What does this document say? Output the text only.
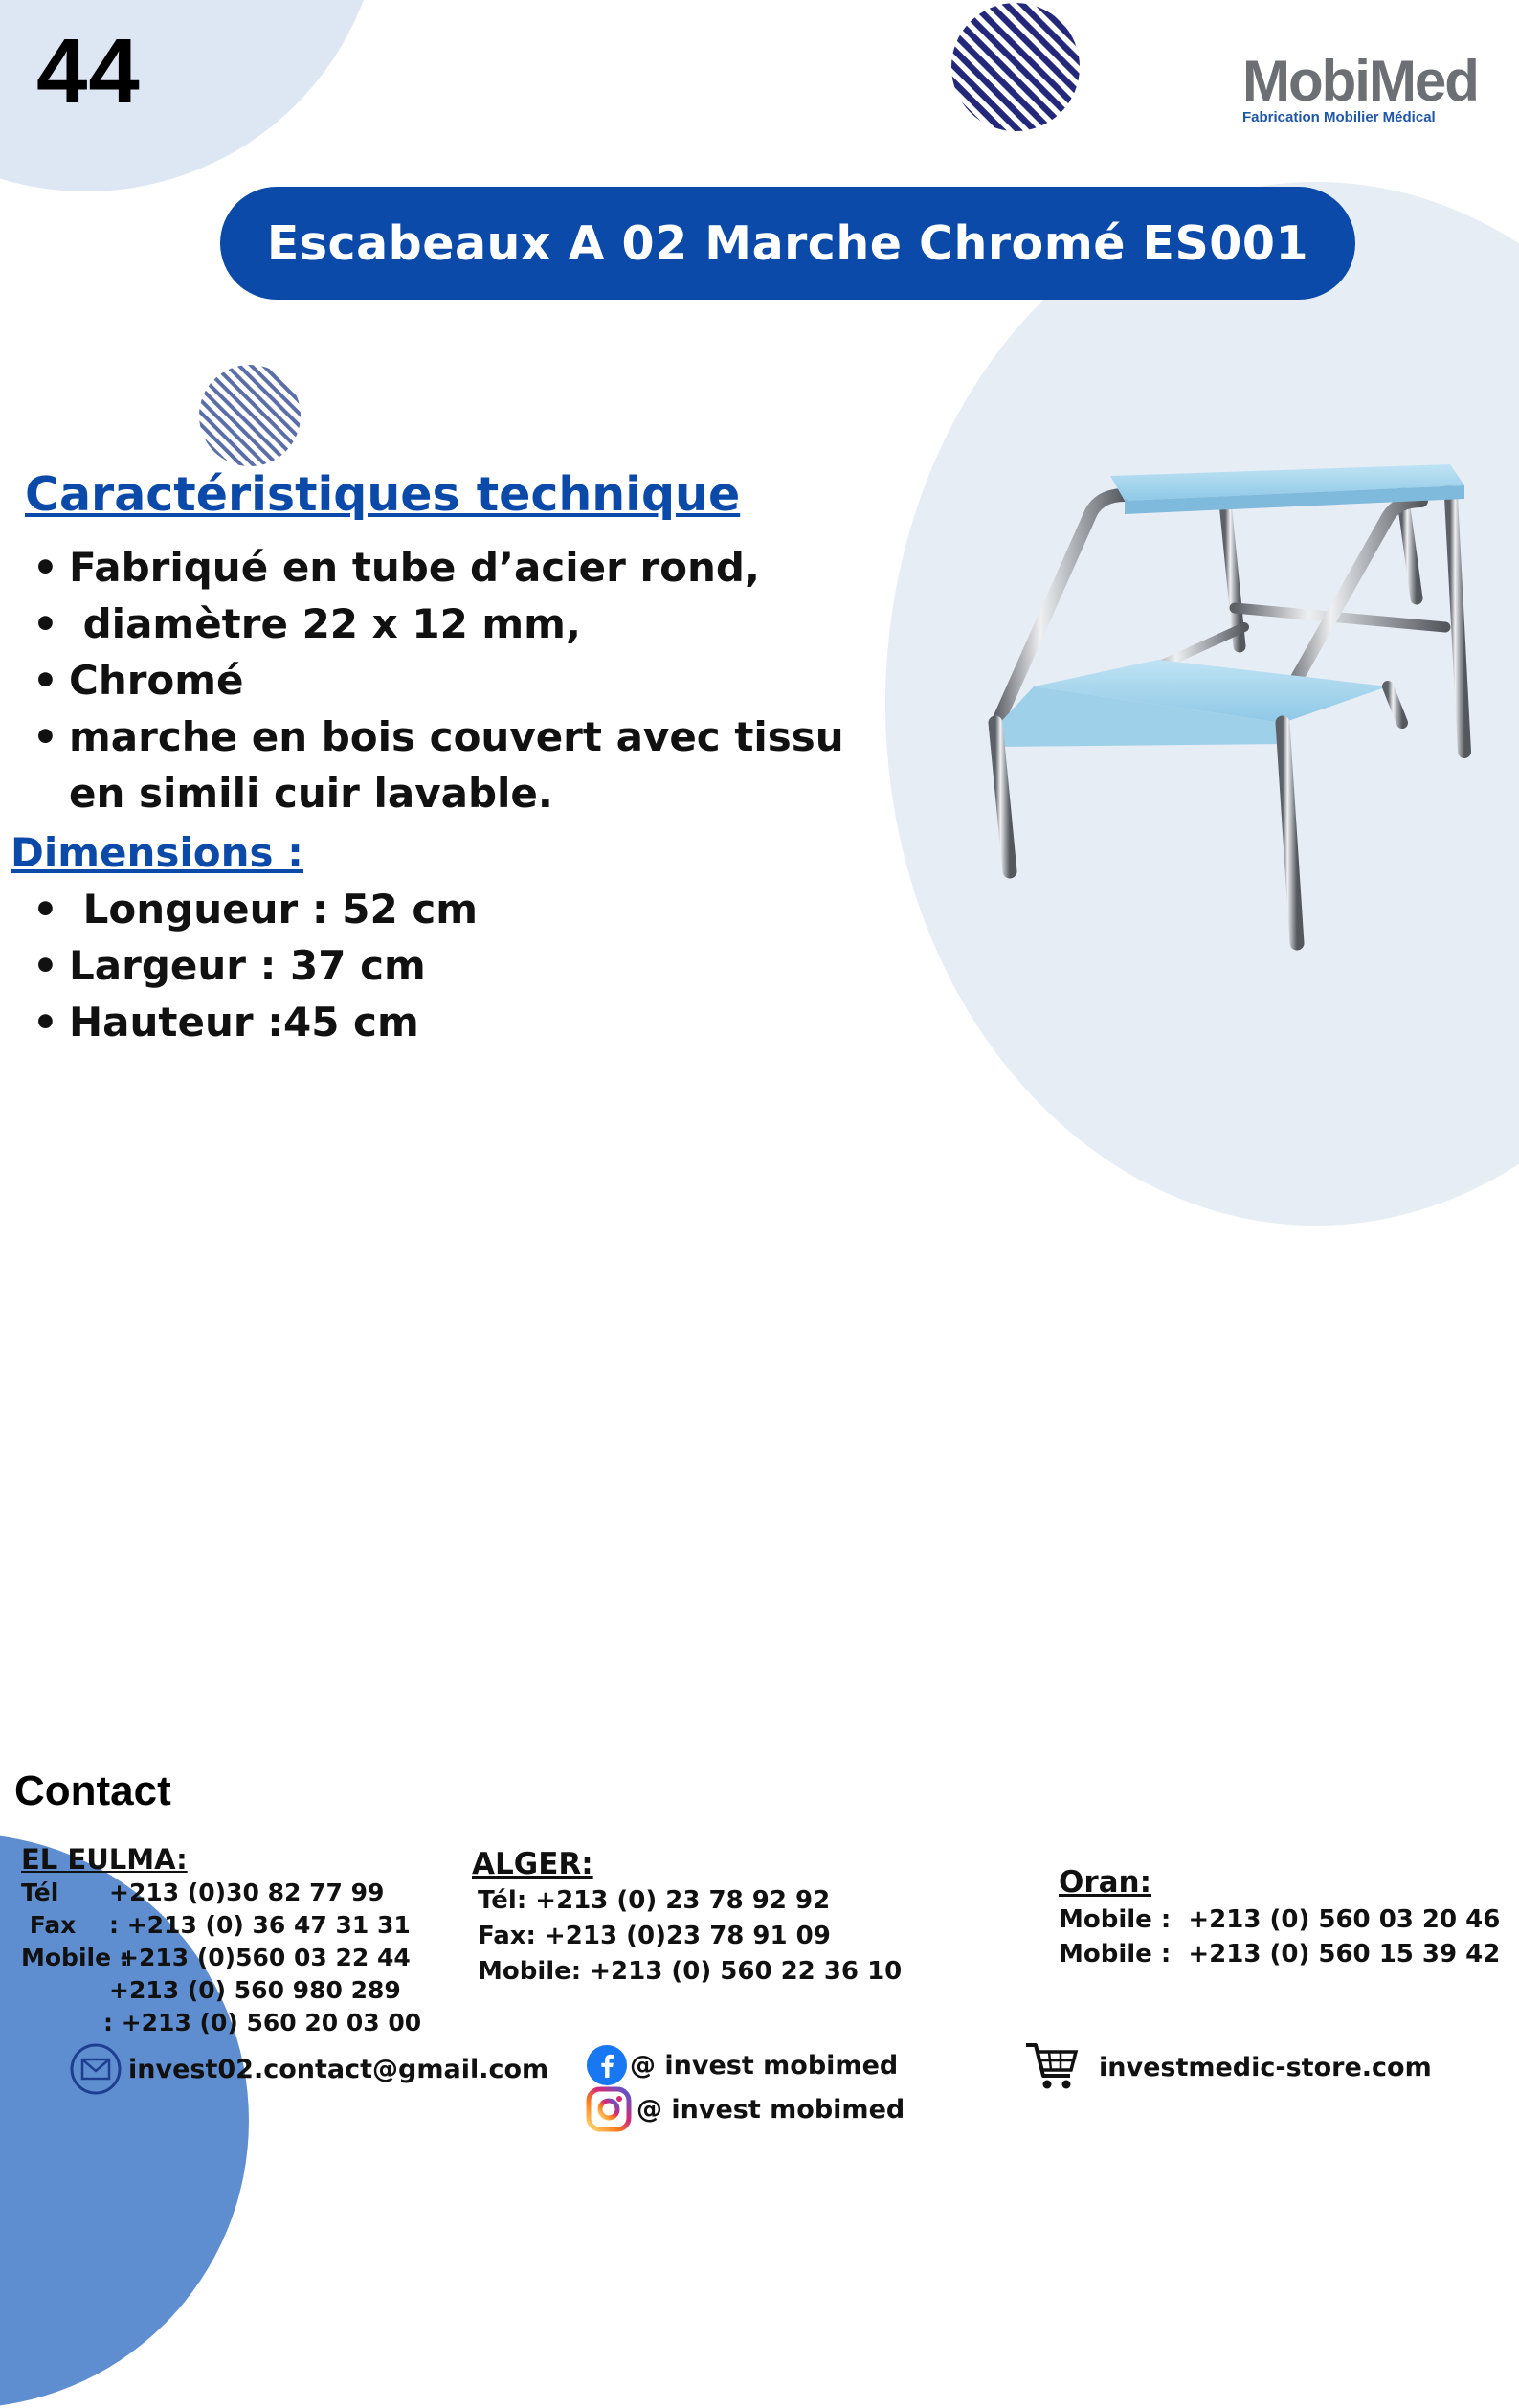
44	MobiMed
Fabrication Mobilier Médical
Escabeaux A 02 Marche Chromé ES001
Caractéristiques technique
• Fabriqué en tube d’acier rond,
•  diamètre 22 x 12 mm,
• Chromé
• marche en bois couvert avec tissu en simili cuir lavable.
Dimensions :
•  Longueur : 52 cm
• Largeur : 37 cm
• Hauteur :45 cm
Contact
EL EULMA:
Tél	+213 (0)30 82 77 99
Fax	: +213 (0) 36 47 31 31
Mobile :
+213 (0)560 03 22 44
+213 (0) 560 980 289
: +213 (0) 560 20 03 00
ALGER:
Tél: +213 (0) 23 78 92 92
Fax: +213 (0)23 78 91 09
Mobile: +213 (0) 560 22 36 10
Oran:
Mobile :  +213 (0) 560 03 20 46
Mobile :  +213 (0) 560 15 39 42
invest02.contact@gmail.com	@ invest mobimed
@ invest mobimed
investmedic-store.com
